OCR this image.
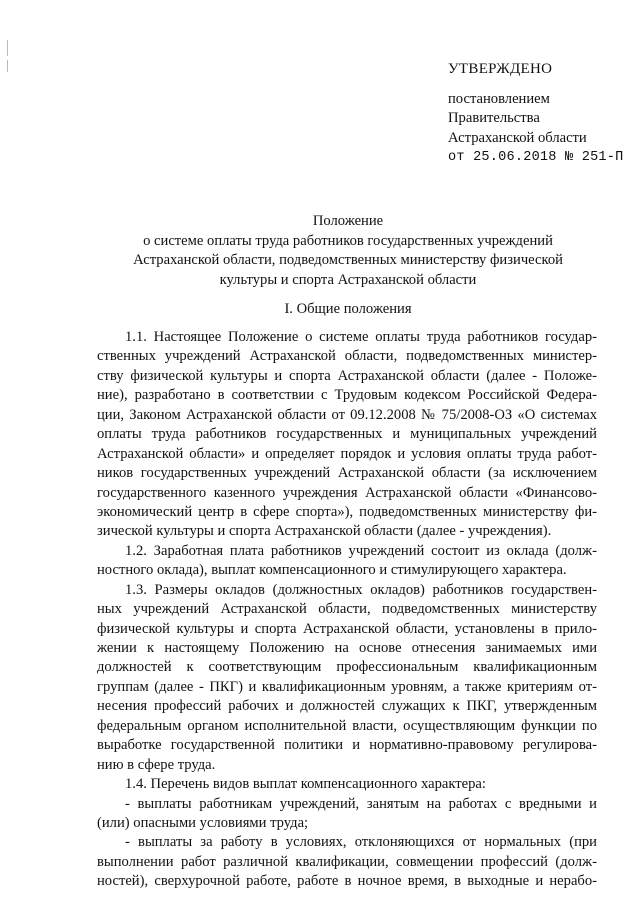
УТВЕРЖДЕНО
постановлением
Правительства
Астраханской области
от 25.06.2018 № 251-П
Положение
о системе оплаты труда работников государственных учреждений
Астраханской области, подведомственных министерству физической
культуры и спорта Астраханской области
I. Общие положения
1.1. Настоящее Положение о системе оплаты труда работников государ-
ственных учреждений Астраханской области, подведомственных министер-
ству физической культуры и спорта Астраханской области (далее - Положе-
ние), разработано в соответствии с Трудовым кодексом Российской Федера-
ции, Законом Астраханской области от 09.12.2008 № 75/2008-ОЗ «О системах
оплаты труда работников государственных и муниципальных учреждений
Астраханской области» и определяет порядок и условия оплаты труда работ-
ников государственных учреждений Астраханской области (за исключением
государственного казенного учреждения Астраханской области «Финансово-
экономический центр в сфере спорта»), подведомственных министерству фи-
зической культуры и спорта Астраханской области (далее - учреждения).
1.2. Заработная плата работников учреждений состоит из оклада (долж-
ностного оклада), выплат компенсационного и стимулирующего характера.
1.3. Размеры окладов (должностных окладов) работников государствен-
ных учреждений Астраханской области, подведомственных министерству
физической культуры и спорта Астраханской области, установлены в прило-
жении к настоящему Положению на основе отнесения занимаемых ими
должностей к соответствующим профессиональным квалификационным
группам (далее - ПКГ) и квалификационным уровням, а также критериям от-
несения профессий рабочих и должностей служащих к ПКГ, утвержденным
федеральным органом исполнительной власти, осуществляющим функции по
выработке государственной политики и нормативно-правовому регулирова-
нию в сфере труда.
1.4. Перечень видов выплат компенсационного характера:
- выплаты работникам учреждений, занятым на работах с вредными и
(или) опасными условиями труда;
- выплаты за работу в условиях, отклоняющихся от нормальных (при
выполнении работ различной квалификации, совмещении профессий (долж-
ностей), сверхурочной работе, работе в ночное время, в выходные и нерабо-
